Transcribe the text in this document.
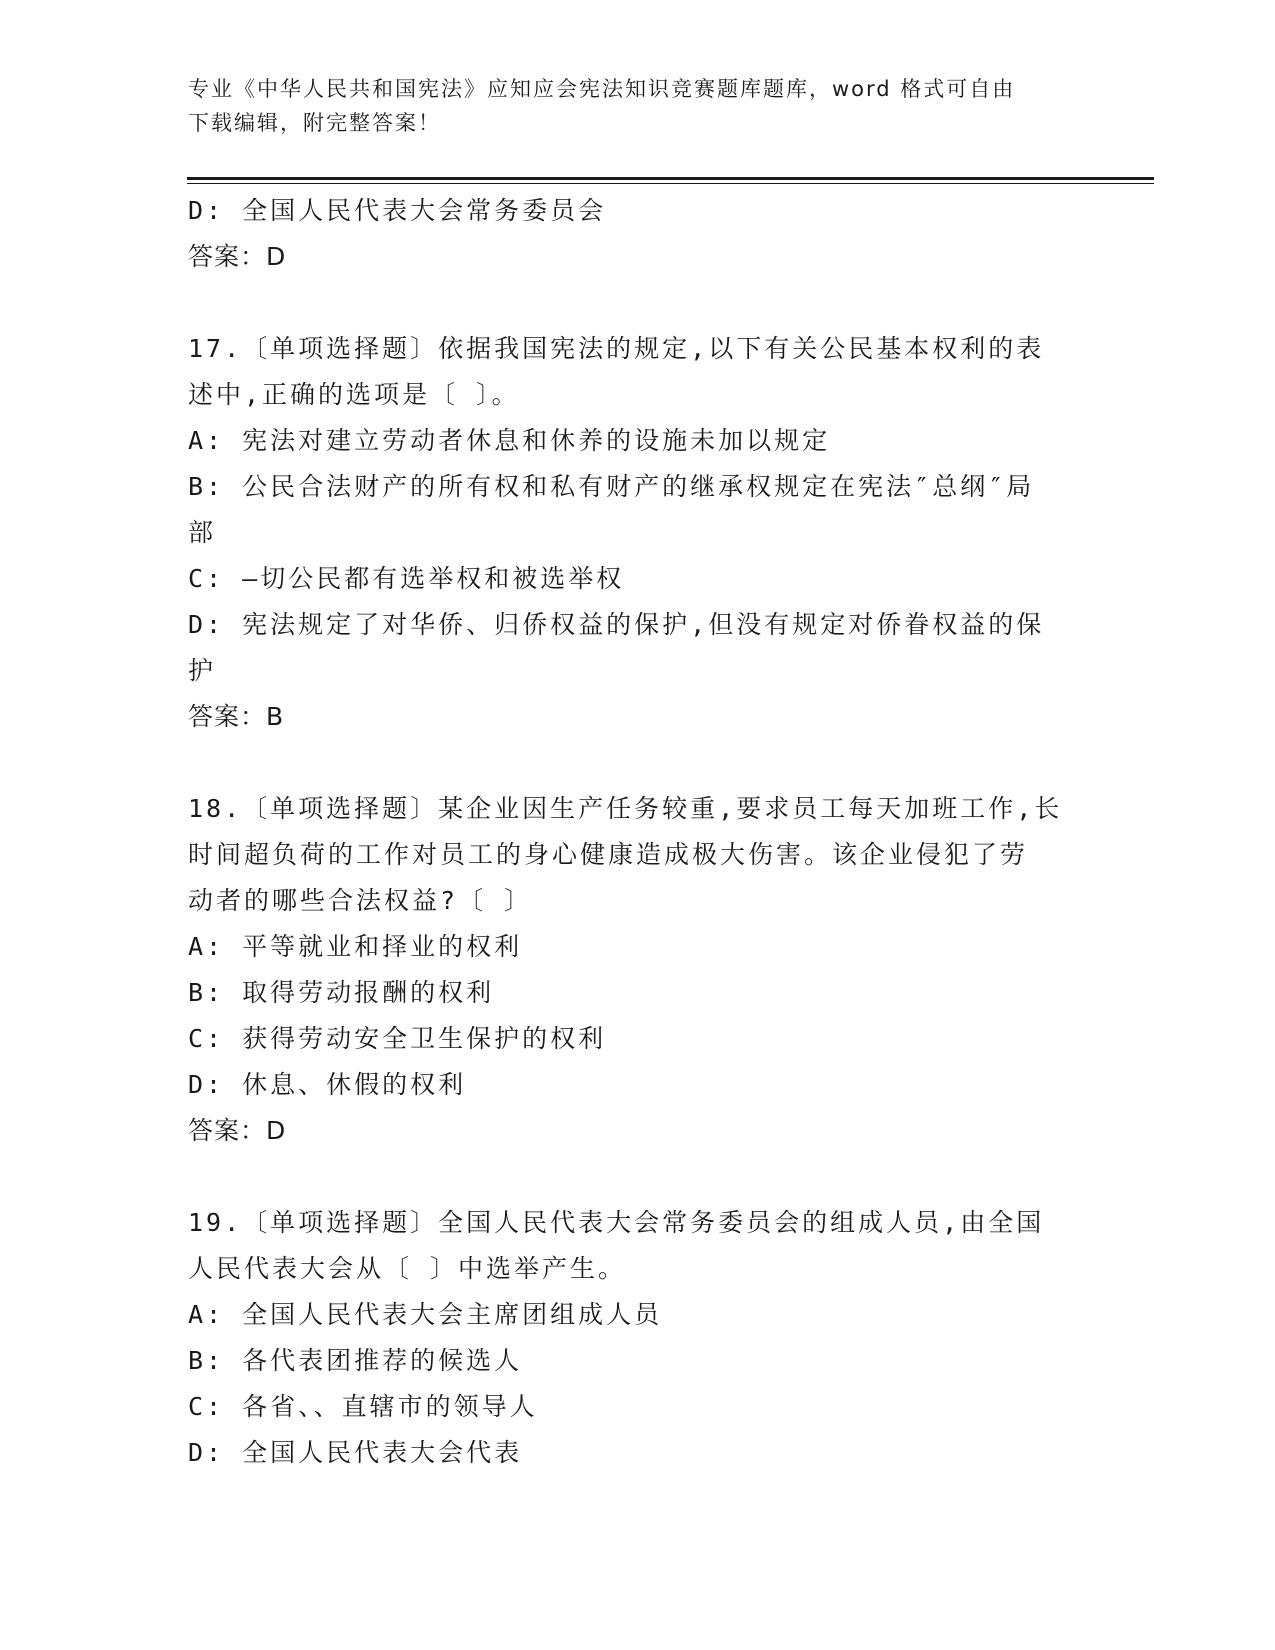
专业《中华人民共和国宪法》应知应会宪法知识竞赛题库题库，word 格式可自由
下载编辑，附完整答案！
D: 全国人民代表大会常务委员会
答案：D
17.〔单项选择题〕依据我国宪法的规定,以下有关公民基本权利的表
述中,正确的选项是〔 〕。
A: 宪法对建立劳动者休息和休养的设施未加以规定
B: 公民合法财产的所有权和私有财产的继承权规定在宪法″总纲″局
部
C: —切公民都有选举权和被选举权
D: 宪法规定了对华侨、归侨权益的保护,但没有规定对侨眷权益的保
护
答案：B
18.〔单项选择题〕某企业因生产任务较重,要求员工每天加班工作,长
时间超负荷的工作对员工的身心健康造成极大伤害。该企业侵犯了劳
动者的哪些合法权益?〔 〕
A: 平等就业和择业的权利
B: 取得劳动报酬的权利
C: 获得劳动安全卫生保护的权利
D: 休息、休假的权利
答案：D
19.〔单项选择题〕全国人民代表大会常务委员会的组成人员,由全国
人民代表大会从〔 〕中选举产生。
A: 全国人民代表大会主席团组成人员
B: 各代表团推荐的候选人
C: 各省、、直辖市的领导人
D: 全国人民代表大会代表
